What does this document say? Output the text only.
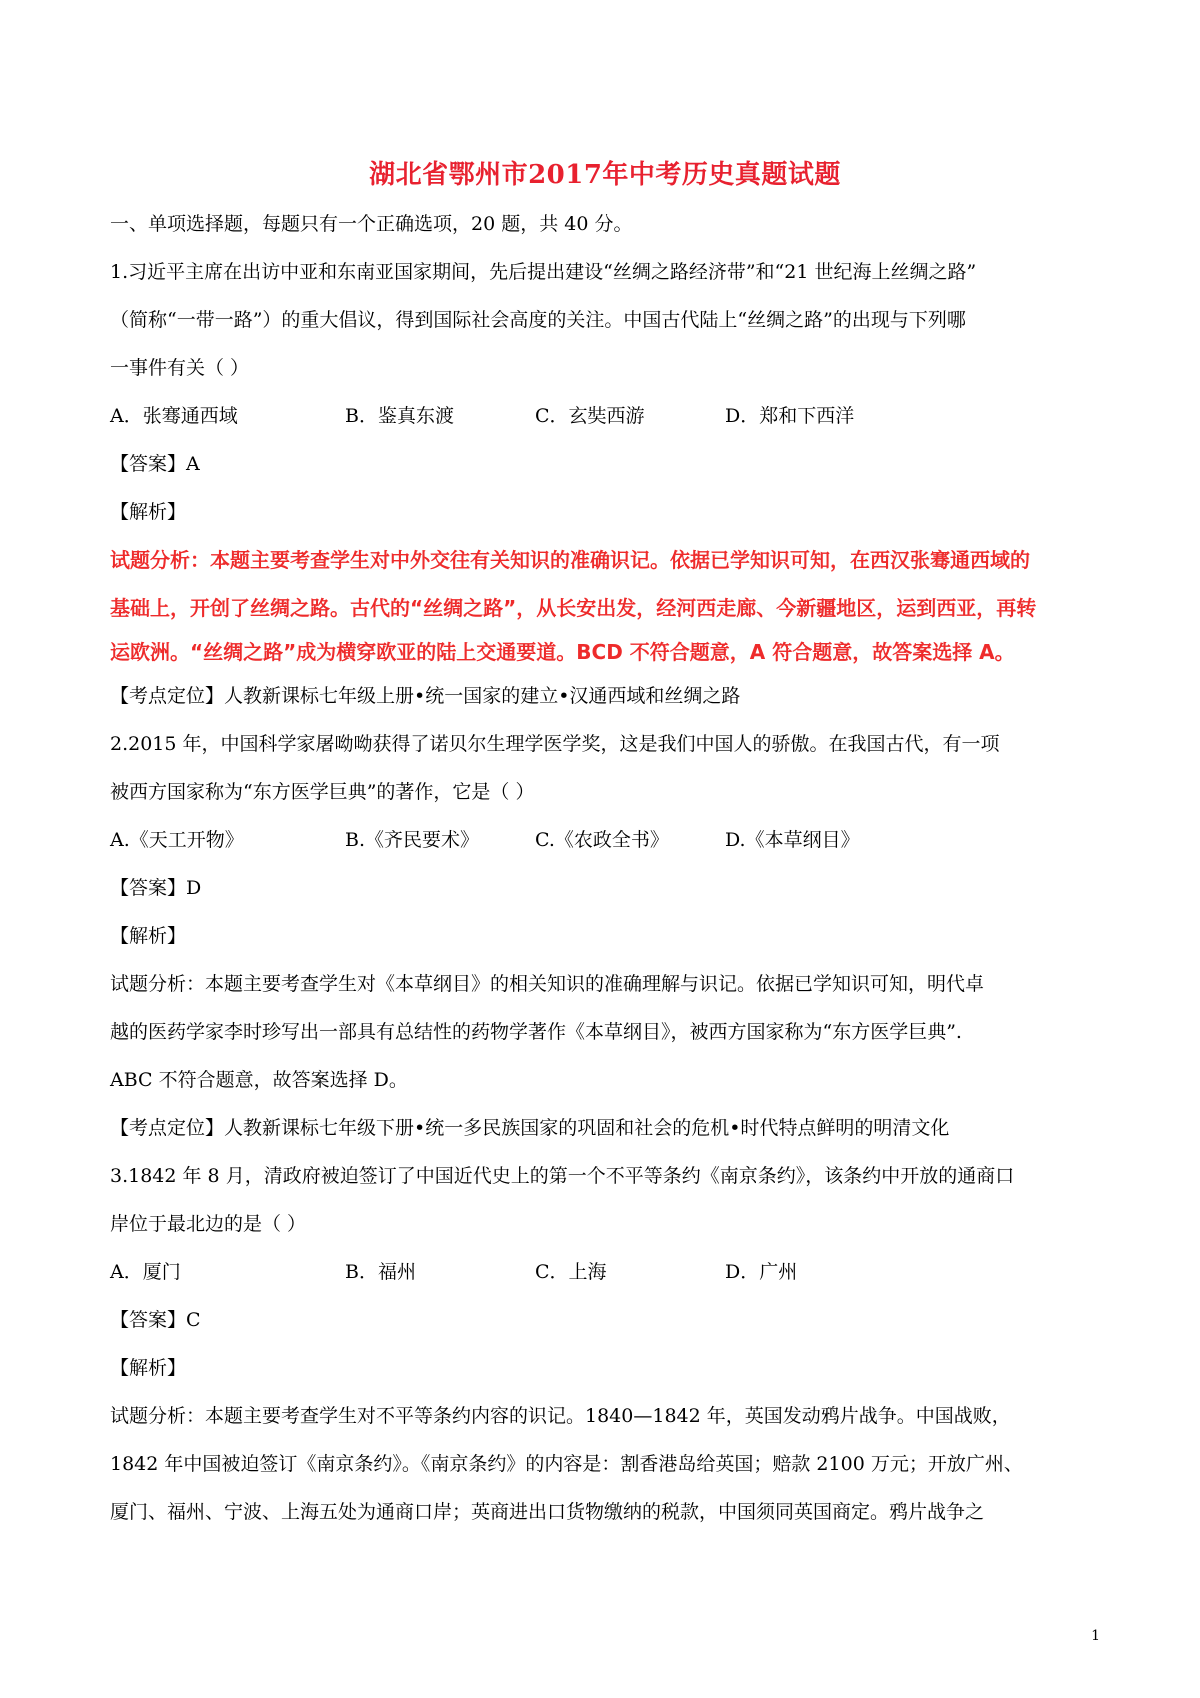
湖北省鄂州市2017年中考历史真题试题

一、单项选择题，每题只有一个正确选项，20 题，共 40 分。

1.习近平主席在出访中亚和东南亚国家期间，先后提出建设“丝绸之路经济带”和“21 世纪海上丝绸之路”

（简称“一带一路”）的重大倡议，得到国际社会高度的关注。中国古代陆上“丝绸之路”的出现与下列哪

一事件有关（ ）

A．张骞通西域	B．鉴真东渡	C．玄奘西游	D．郑和下西洋

【答案】A

【解析】

试题分析：本题主要考查学生对中外交往有关知识的准确识记。依据已学知识可知，在西汉张骞通西域的

基础上，开创了丝绸之路。古代的“丝绸之路”，从长安出发，经河西走廊、今新疆地区，运到西亚，再转

运欧洲。“丝绸之路”成为横穿欧亚的陆上交通要道。BCD 不符合题意，A 符合题意，故答案选择 A。

【考点定位】人教新课标七年级上册•统一国家的建立•汉通西域和丝绸之路

2.2015 年，中国科学家屠呦呦获得了诺贝尔生理学医学奖，这是我们中国人的骄傲。在我国古代，有一项

被西方国家称为“东方医学巨典”的著作，它是（ ）

A.《天工开物》	B.《齐民要术》	C.《农政全书》	D.《本草纲目》

【答案】D

【解析】

试题分析：本题主要考查学生对《本草纲目》的相关知识的准确理解与识记。依据已学知识可知，明代卓

越的医药学家李时珍写出一部具有总结性的药物学著作《本草纲目》，被西方国家称为“东方医学巨典”.

ABC 不符合题意，故答案选择 D。

【考点定位】人教新课标七年级下册•统一多民族国家的巩固和社会的危机•时代特点鲜明的明清文化

3.1842 年 8 月，清政府被迫签订了中国近代史上的第一个不平等条约《南京条约》，该条约中开放的通商口

岸位于最北边的是（ ）

A．厦门	B．福州	C．上海	D．广州

【答案】C

【解析】

试题分析：本题主要考查学生对不平等条约内容的识记。1840—1842 年，英国发动鸦片战争。中国战败，

1842 年中国被迫签订《南京条约》。《南京条约》的内容是：割香港岛给英国；赔款 2100 万元；开放广州、

厦门、福州、宁波、上海五处为通商口岸；英商进出口货物缴纳的税款，中国须同英国商定。鸦片战争之

1
